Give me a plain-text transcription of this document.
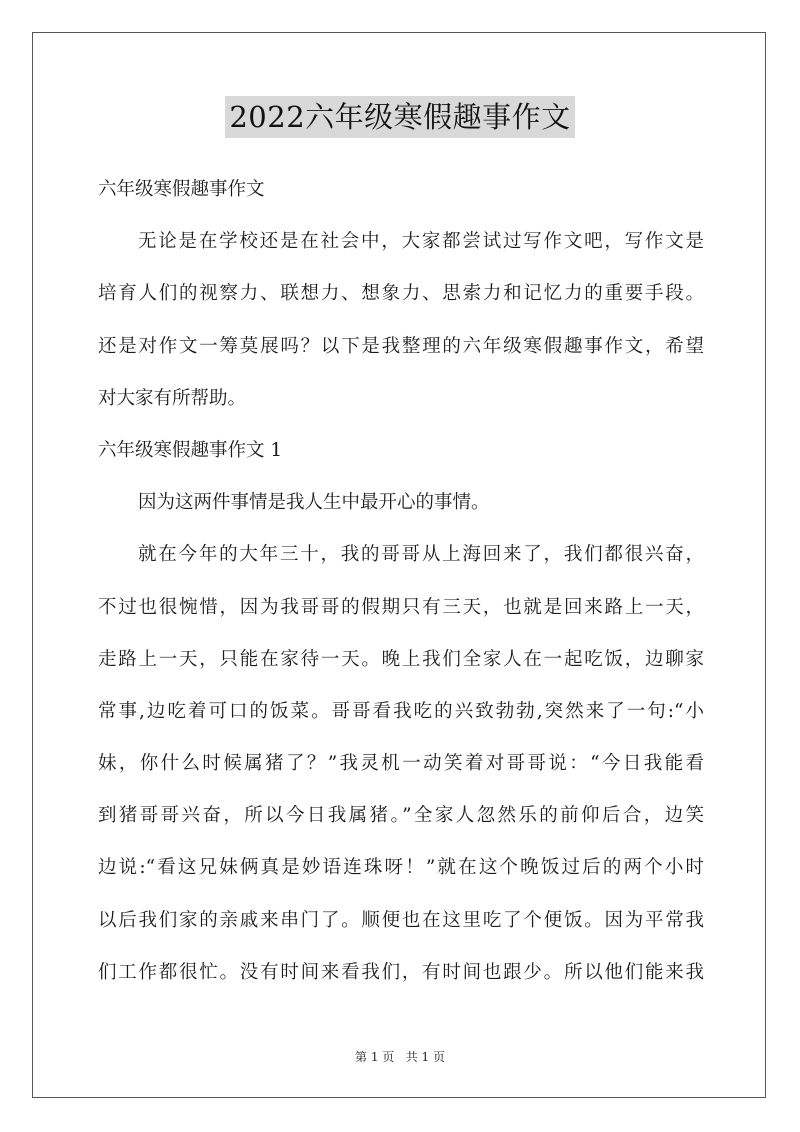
2022六年级寒假趣事作文
六年级寒假趣事作文
无论是在学校还是在社会中，大家都尝试过写作文吧，写作文是
培育人们的视察力、联想力、想象力、思索力和记忆力的重要手段。
还是对作文一筹莫展吗？以下是我整理的六年级寒假趣事作文，希望
对大家有所帮助。
六年级寒假趣事作文 1
因为这两件事情是我人生中最开心的事情。
就在今年的大年三十，我的哥哥从上海回来了，我们都很兴奋，
不过也很惋惜，因为我哥哥的假期只有三天，也就是回来路上一天，
走路上一天，只能在家待一天。晚上我们全家人在一起吃饭，边聊家
常事,边吃着可口的饭菜。哥哥看我吃的兴致勃勃,突然来了一句:“小
妹，你什么时候属猪了？”我灵机一动笑着对哥哥说：“今日我能看
到猪哥哥兴奋，所以今日我属猪。”全家人忽然乐的前仰后合，边笑
边说:“看这兄妹俩真是妙语连珠呀！”就在这个晚饭过后的两个小时
以后我们家的亲戚来串门了。顺便也在这里吃了个便饭。因为平常我
们工作都很忙。没有时间来看我们，有时间也跟少。所以他们能来我
第 1 页   共 1 页
